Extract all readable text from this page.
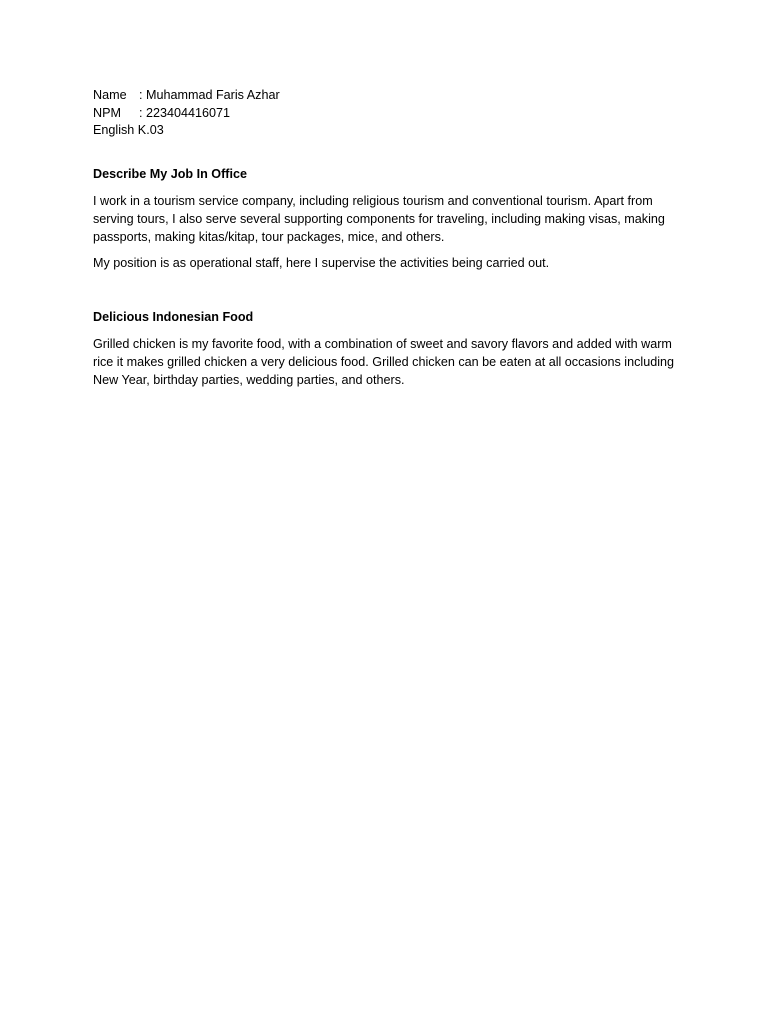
Name : Muhammad Faris Azhar
NPM	: 223404416071
English K.03

Describe My Job In Office

I work in a tourism service company, including religious tourism and conventional tourism. Apart from serving tours, I also serve several supporting components for traveling, including making visas, making passports, making kitas/kitap, tour packages, mice, and others.

My position is as operational staff, here I supervise the activities being carried out.

Delicious Indonesian Food

Grilled chicken is my favorite food, with a combination of sweet and savory flavors and added with warm rice it makes grilled chicken a very delicious food. Grilled chicken can be eaten at all occasions including New Year, birthday parties, wedding parties, and others.
